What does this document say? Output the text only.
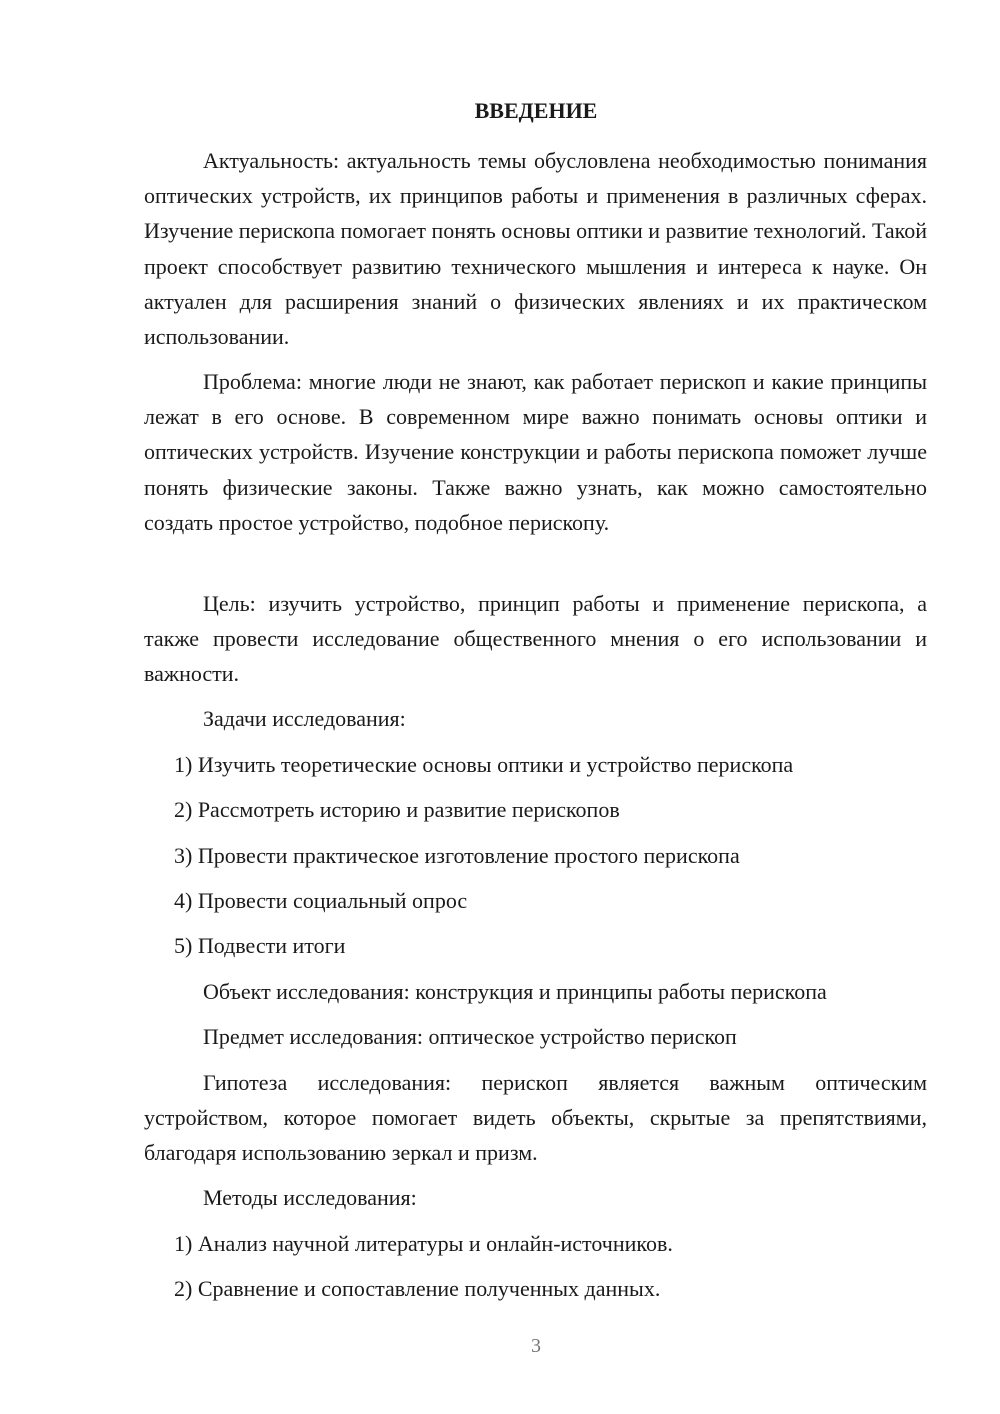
ВВЕДЕНИЕ

Актуальность: актуальность темы обусловлена необходимостью понимания оптических устройств, их принципов работы и применения в различных сферах. Изучение перископа помогает понять основы оптики и развитие технологий. Такой проект способствует развитию технического мышления и интереса к науке. Он актуален для расширения знаний о физических явлениях и их практическом использовании.

Проблема: многие люди не знают, как работает перископ и какие принципы лежат в его основе. В современном мире важно понимать основы оптики и оптических устройств. Изучение конструкции и работы перископа поможет лучше понять физические законы. Также важно узнать, как можно самостоятельно создать простое устройство, подобное перископу.

Цель: изучить устройство, принцип работы и применение перископа, а также провести исследование общественного мнения о его использовании и важности.

Задачи исследования:

1) Изучить теоретические основы оптики и устройство перископа

2) Рассмотреть историю и развитие перископов

3) Провести практическое изготовление простого перископа

4) Провести социальный опрос

5) Подвести итоги

Объект исследования: конструкция и принципы работы перископа

Предмет исследования: оптическое устройство перископ

Гипотеза исследования: перископ является важным оптическим устройством, которое помогает видеть объекты, скрытые за препятствиями, благодаря использованию зеркал и призм.

Методы исследования:

1) Анализ научной литературы и онлайн-источников.

2) Сравнение и сопоставление полученных данных.

3
